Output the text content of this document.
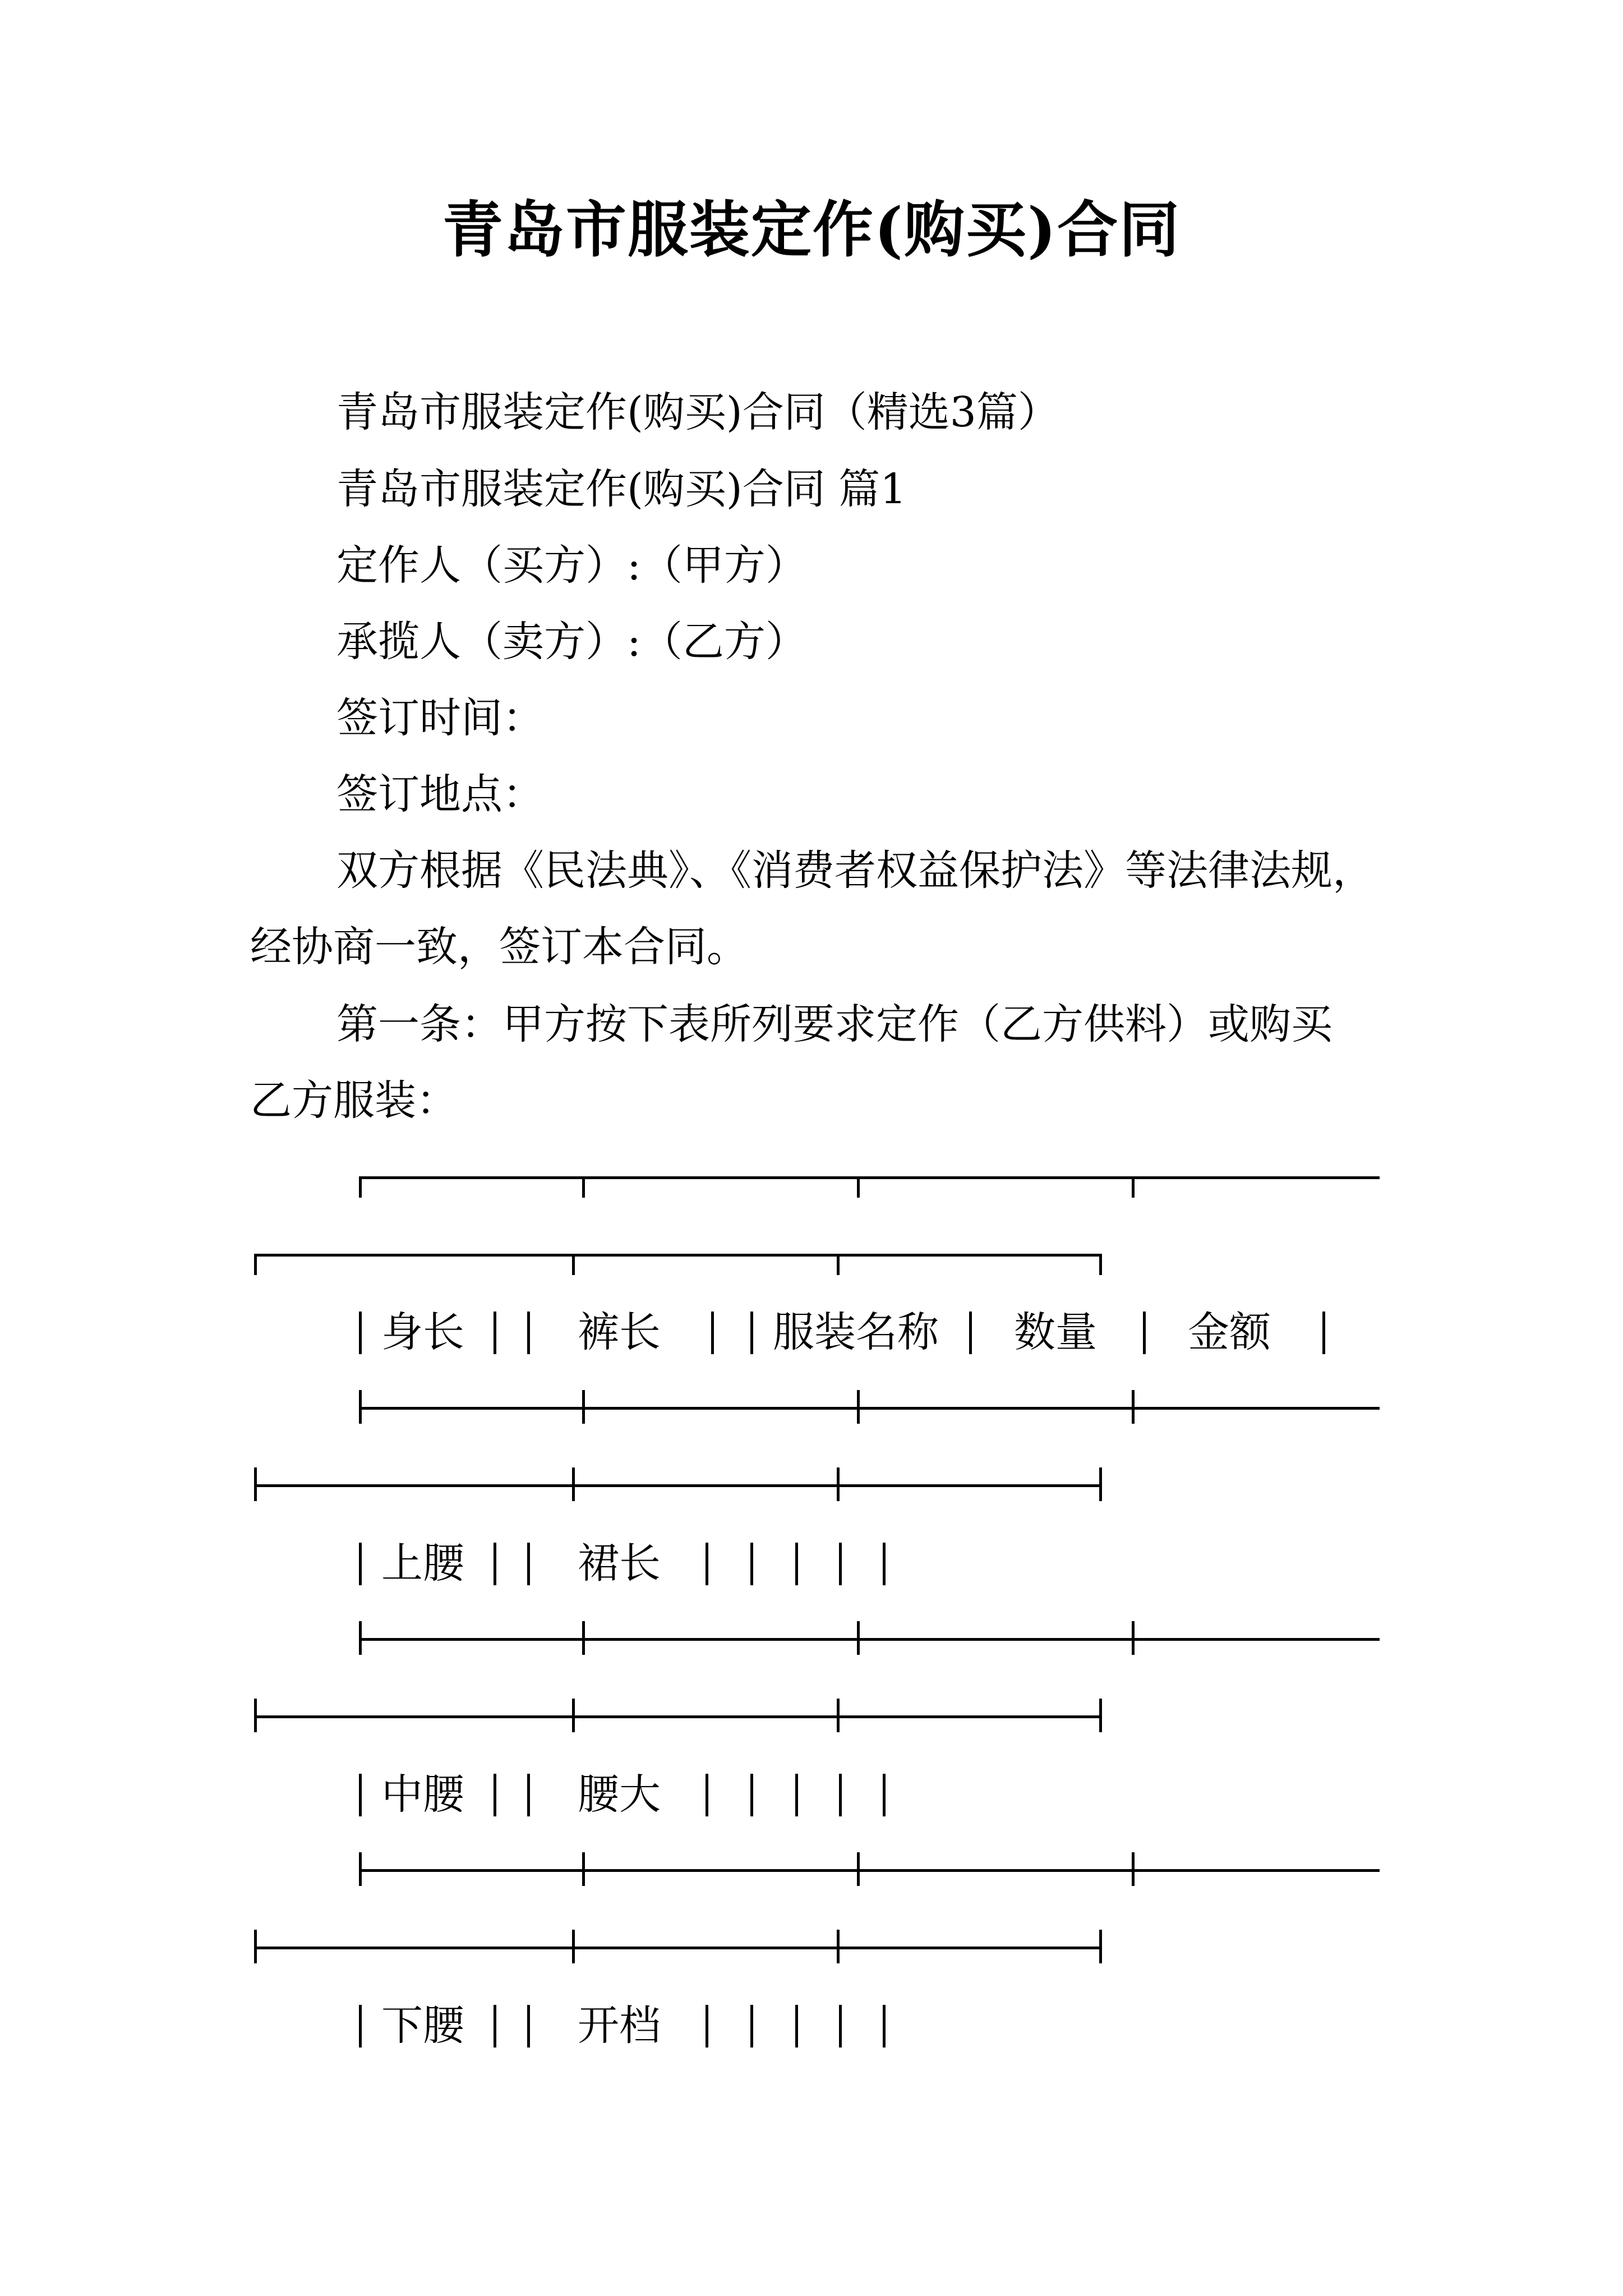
青岛市服装定作(购买)合同
青岛市服装定作(购买)合同（精选3篇）
青岛市服装定作(购买)合同 篇1
定作人（买方）:（甲方）
承揽人（卖方）:（乙方）
签订时间：
签订地点：
双方根据《民法典》、《消费者权益保护法》等法律法规，
经协商一致，签订本合同。
第一条：甲方按下表所列要求定作（乙方供料）或购买
乙方服装：
身长	裤长	服装名称 数量 金额
上腰	裙长
中腰	腰大
下腰	开档
